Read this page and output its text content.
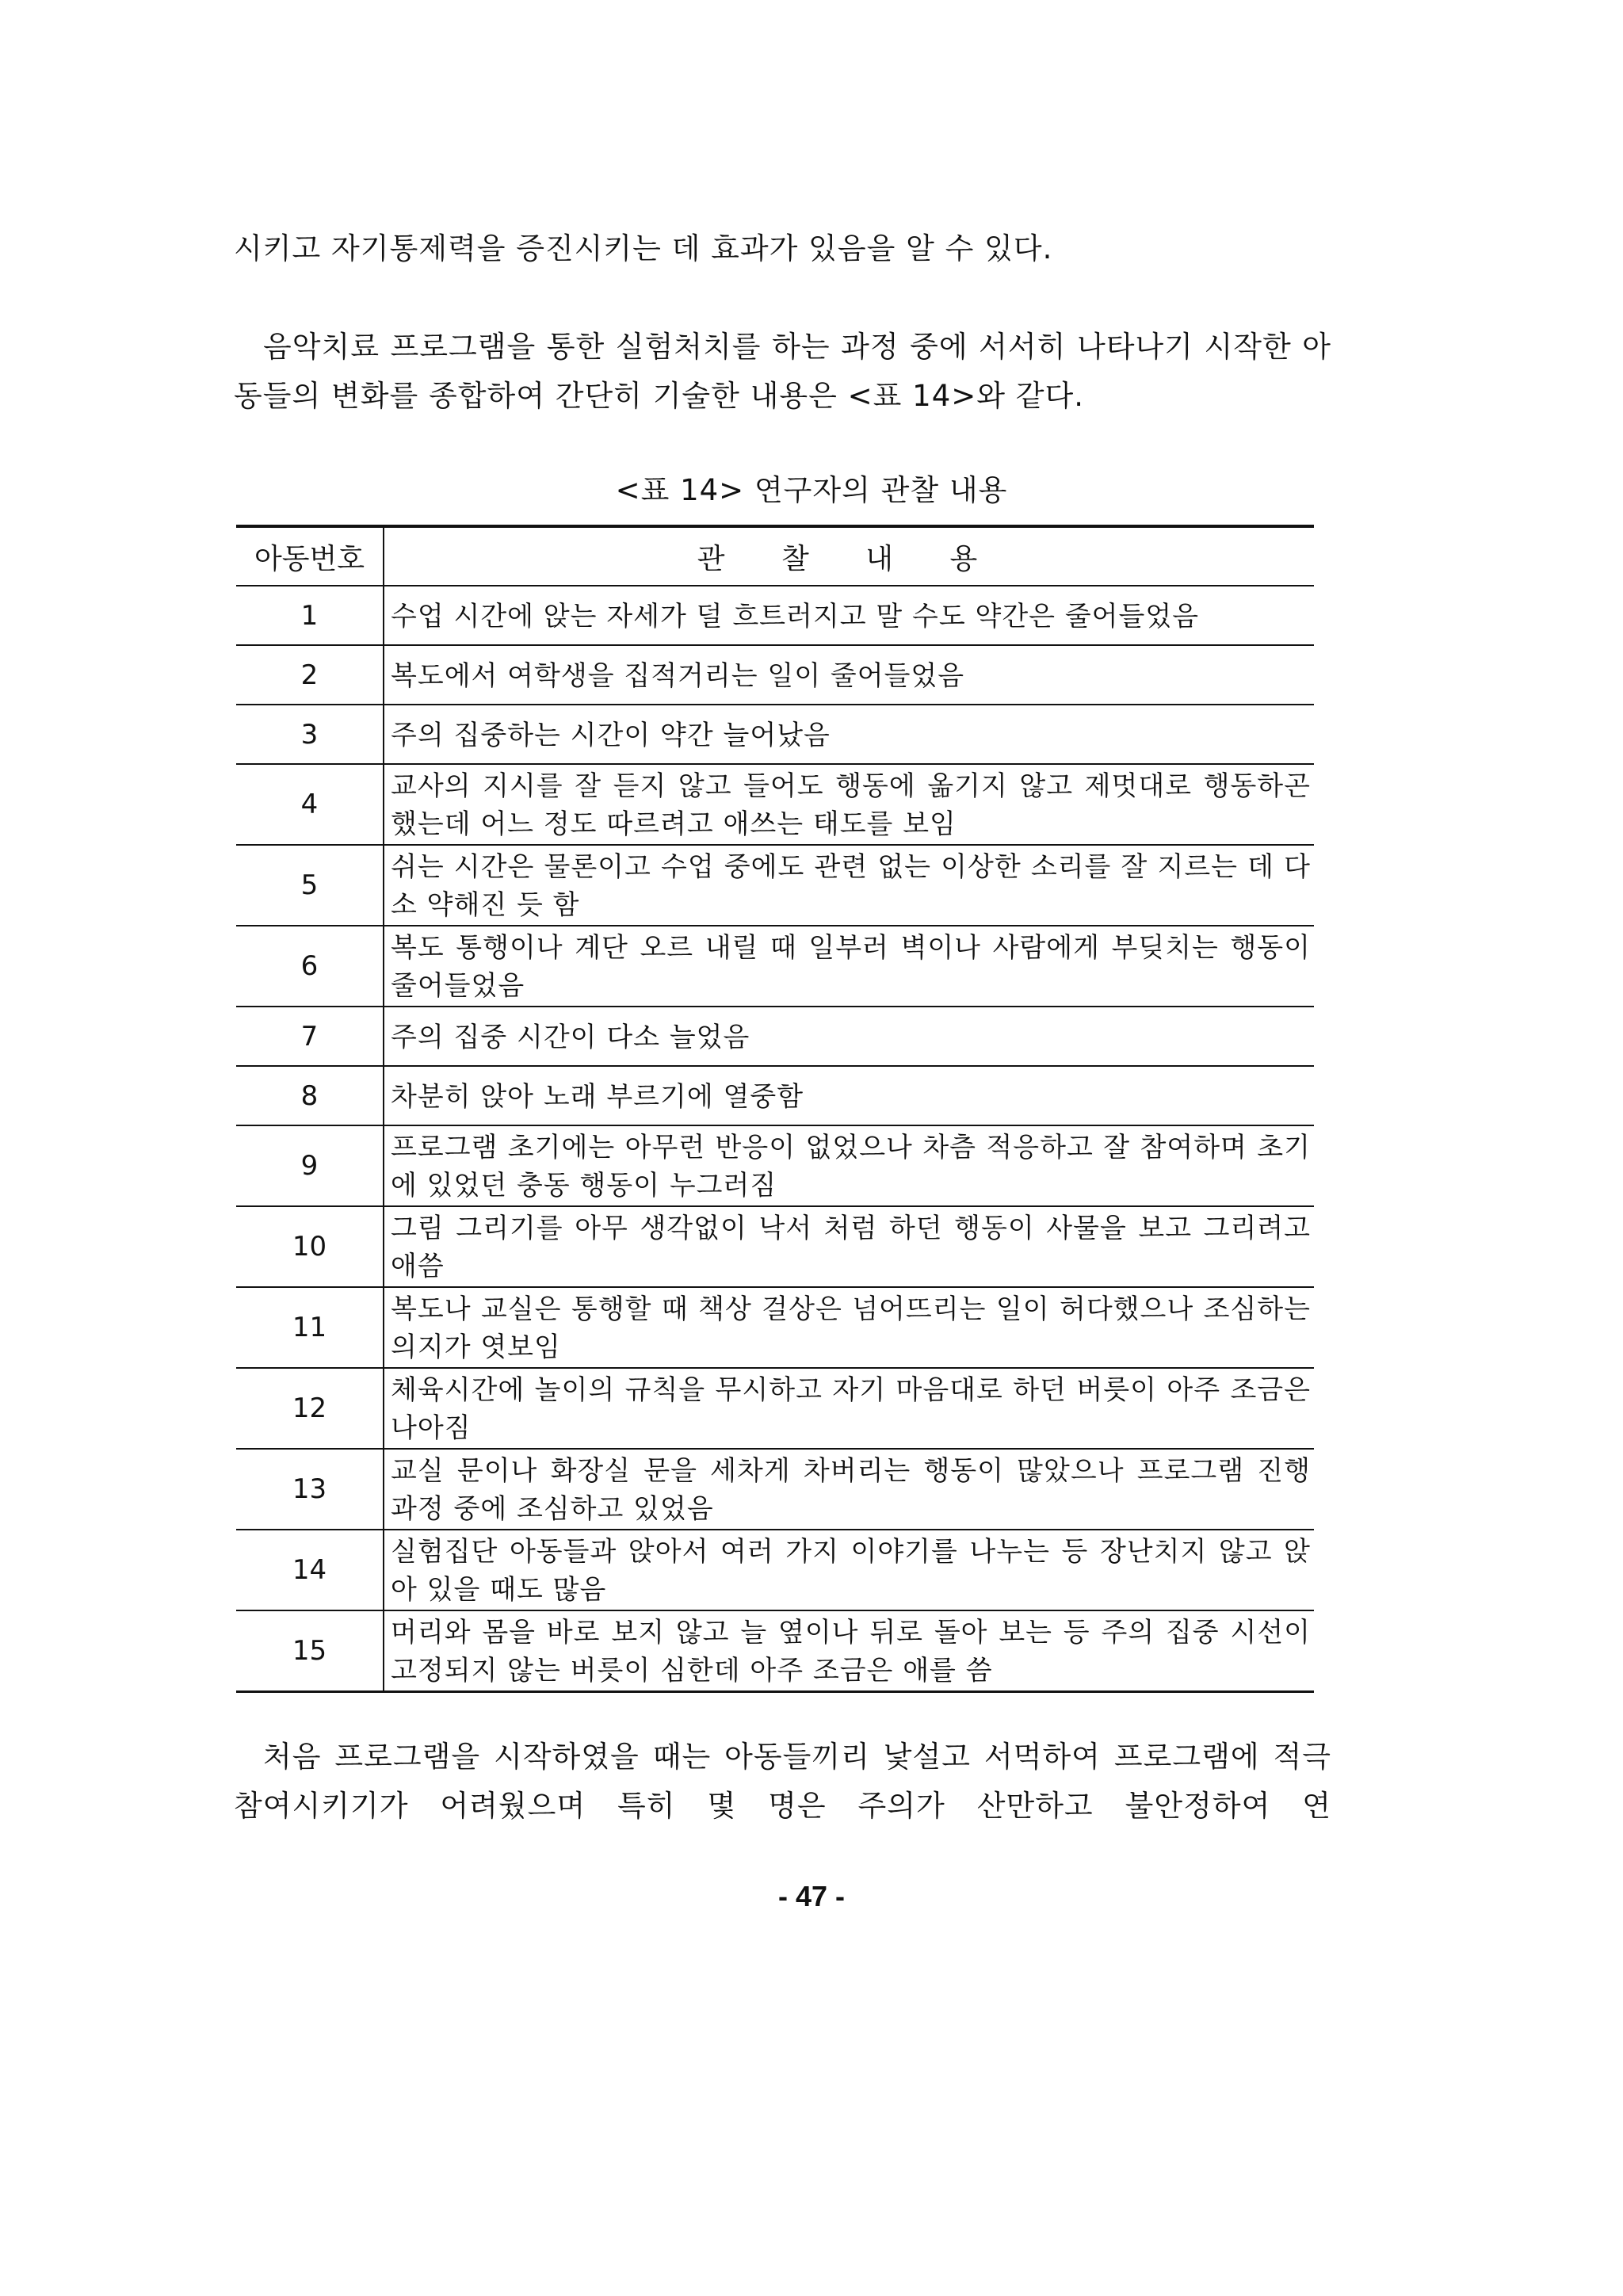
시키고 자기통제력을 증진시키는 데 효과가 있음을 알 수 있다.

음악치료 프로그램을 통한 실험처치를 하는 과정 중에 서서히 나타나기 시작한 아동들의 변화를 종합하여 간단히 기술한 내용은 <표 14>와 같다.

<표 14> 연구자의 관찰 내용
아동번호	관 찰 내 용
1	수업 시간에 앉는 자세가 덜 흐트러지고 말 수도 약간은 줄어들었음
2	복도에서 여학생을 집적거리는 일이 줄어들었음
3	주의 집중하는 시간이 약간 늘어났음
4	교사의 지시를 잘 듣지 않고 들어도 행동에 옮기지 않고 제멋대로 행동하곤 했는데 어느 정도 따르려고 애쓰는 태도를 보임
5	쉬는 시간은 물론이고 수업 중에도 관련 없는 이상한 소리를 잘 지르는 데 다소 약해진 듯 함
6	복도 통행이나 계단 오르 내릴 때 일부러 벽이나 사람에게 부딪치는 행동이 줄어들었음
7	주의 집중 시간이 다소 늘었음
8	차분히 앉아 노래 부르기에 열중함
9	프로그램 초기에는 아무런 반응이 없었으나 차츰 적응하고 잘 참여하며 초기에 있었던 충동 행동이 누그러짐
10	그림 그리기를 아무 생각없이 낙서 처럼 하던 행동이 사물을 보고 그리려고 애씀
11	복도나 교실은 통행할 때 책상 걸상은 넘어뜨리는 일이 허다했으나 조심하는 의지가 엿보임
12	체육시간에 놀이의 규칙을 무시하고 자기 마음대로 하던 버릇이 아주 조금은 나아짐
13	교실 문이나 화장실 문을 세차게 차버리는 행동이 많았으나 프로그램 진행 과정 중에 조심하고 있었음
14	실험집단 아동들과 앉아서 여러 가지 이야기를 나누는 등 장난치지 않고 앉아 있을 때도 많음
15	머리와 몸을 바로 보지 않고 늘 옆이나 뒤로 돌아 보는 등 주의 집중 시선이 고정되지 않는 버릇이 심한데 아주 조금은 애를 씀

처음 프로그램을 시작하였을 때는 아동들끼리 낯설고 서먹하여 프로그램에 적극 참여시키기가 어려웠으며 특히 몇 명은 주의가 산만하고 불안정하여 연

- 47 -
